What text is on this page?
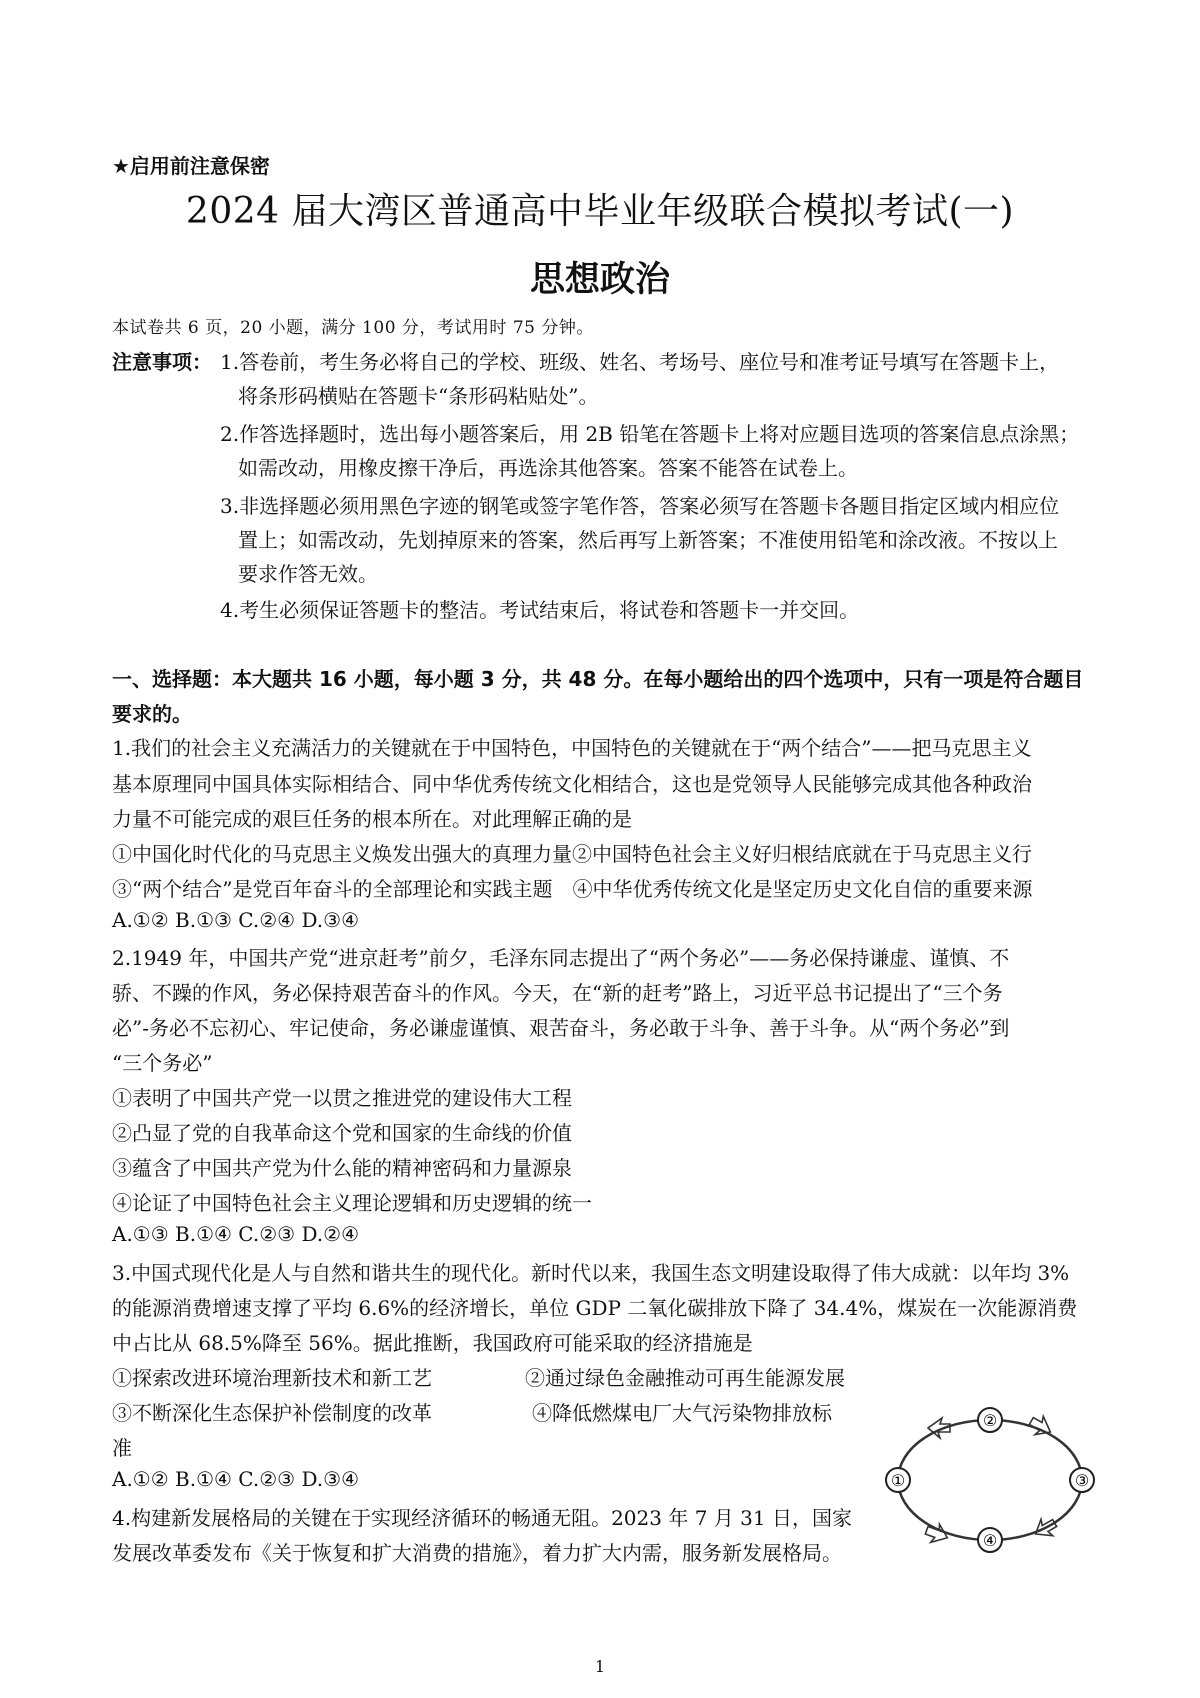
★启用前注意保密
2024 届大湾区普通高中毕业年级联合模拟考试(一)
思想政治
本试卷共 6 页，20 小题，满分 100 分，考试用时 75 分钟。
注意事项： 1.答卷前，考生务必将自己的学校、班级、姓名、考场号、座位号和准考证号填写在答题卡上，
将条形码横贴在答题卡“条形码粘贴处”。
2.作答选择题时，选出每小题答案后，用 2B 铅笔在答题卡上将对应题目选项的答案信息点涂黑；
如需改动，用橡皮擦干净后，再选涂其他答案。答案不能答在试卷上。
3.非选择题必须用黑色字迹的钢笔或签字笔作答，答案必须写在答题卡各题目指定区域内相应位
置上；如需改动，先划掉原来的答案，然后再写上新答案；不准使用铅笔和涂改液。不按以上
要求作答无效。
4.考生必须保证答题卡的整洁。考试结束后，将试卷和答题卡一并交回。
一、选择题：本大题共 16 小题，每小题 3 分，共 48 分。在每小题给出的四个选项中，只有一项是符合题目
要求的。
1.我们的社会主义充满活力的关键就在于中国特色，中国特色的关键就在于“两个结合”——把马克思主义
基本原理同中国具体实际相结合、同中华优秀传统文化相结合，这也是党领导人民能够完成其他各种政治
力量不可能完成的艰巨任务的根本所在。对此理解正确的是
①中国化时代化的马克思主义焕发出强大的真理力量②中国特色社会主义好归根结底就在于马克思主义行
③“两个结合”是党百年奋斗的全部理论和实践主题　④中华优秀传统文化是坚定历史文化自信的重要来源
A.①② B.①③ C.②④ D.③④
2.1949 年，中国共产党“进京赶考”前夕，毛泽东同志提出了“两个务必”——务必保持谦虚、谨慎、不
骄、不躁的作风，务必保持艰苦奋斗的作风。今天，在“新的赶考”路上，习近平总书记提出了“三个务
必”-务必不忘初心、牢记使命，务必谦虚谨慎、艰苦奋斗，务必敢于斗争、善于斗争。从“两个务必”到
“三个务必”
①表明了中国共产党一以贯之推进党的建设伟大工程
②凸显了党的自我革命这个党和国家的生命线的价值
③蕴含了中国共产党为什么能的精神密码和力量源泉
④论证了中国特色社会主义理论逻辑和历史逻辑的统一
A.①③ B.①④ C.②③ D.②④
3.中国式现代化是人与自然和谐共生的现代化。新时代以来，我国生态文明建设取得了伟大成就：以年均 3%
的能源消费增速支撑了平均 6.6%的经济增长，单位 GDP 二氧化碳排放下降了 34.4%，煤炭在一次能源消费
中占比从 68.5%降至 56%。据此推断，我国政府可能采取的经济措施是
①探索改进环境治理新技术和新工艺	②通过绿色金融推动可再生能源发展
③不断深化生态保护补偿制度的改革	④降低燃煤电厂大气污染物排放标
准
A.①② B.①④ C.②③ D.③④
4.构建新发展格局的关键在于实现经济循环的畅通无阻。2023 年 7 月 31 日，国家
发展改革委发布《关于恢复和扩大消费的措施》，着力扩大内需，服务新发展格局。
①
②
③
④
1
